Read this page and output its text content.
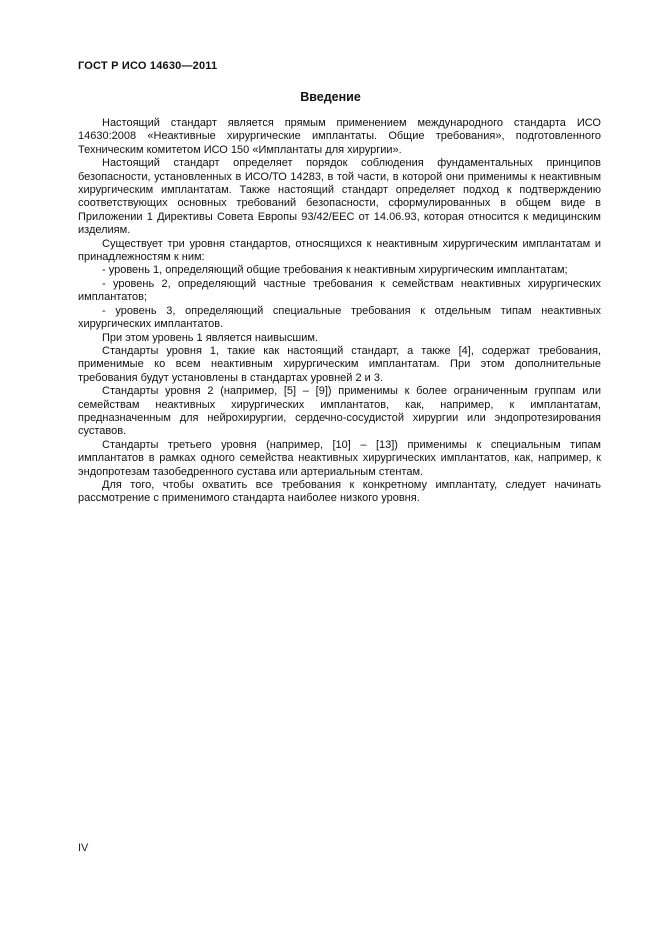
ГОСТ Р ИСО 14630—2011
Введение

Настоящий стандарт является прямым применением международного стандарта ИСО 14630:2008 «Неактивные хирургические имплантаты. Общие требования», подготовленного Техническим комитетом ИСО 150 «Имплантаты для хирургии».

Настоящий стандарт определяет порядок соблюдения фундаментальных принципов безопасности, установленных в ИСО/ТО 14283, в той части, в которой они применимы к неактивным хирургическим имплантатам. Также настоящий стандарт определяет подход к подтверждению соответствующих основных требований безопасности, сформулированных в общем виде в Приложении 1 Директивы Совета Европы 93/42/EEC от 14.06.93, которая относится к медицинским изделиям.

Существует три уровня стандартов, относящихся к неактивным хирургическим имплантатам и принадлежностям к ним:

- уровень 1, определяющий общие требования к неактивным хирургическим имплантатам;

- уровень 2, определяющий частные требования к семействам неактивных хирургических имплантатов;

- уровень 3, определяющий специальные требования к отдельным типам неактивных хирургических имплантатов.

При этом уровень 1 является наивысшим.

Стандарты уровня 1, такие как настоящий стандарт, а также [4], содержат требования, применимые ко всем неактивным хирургическим имплантатам. При этом дополнительные требования будут установлены в стандартах уровней 2 и 3.

Стандарты уровня 2 (например, [5] – [9]) применимы к более ограниченным группам или семействам неактивных хирургических имплантатов, как, например, к имплантатам, предназначенным для нейрохирургии, сердечно-сосудистой хирургии или эндопротезирования суставов.

Стандарты третьего уровня (например, [10] – [13]) применимы к специальным типам имплантатов в рамках одного семейства неактивных хирургических имплантатов, как, например, к эндопротезам тазобедренного сустава или артериальным стентам.

Для того, чтобы охватить все требования к конкретному имплантату, следует начинать рассмотрение с применимого стандарта наиболее низкого уровня.

IV
